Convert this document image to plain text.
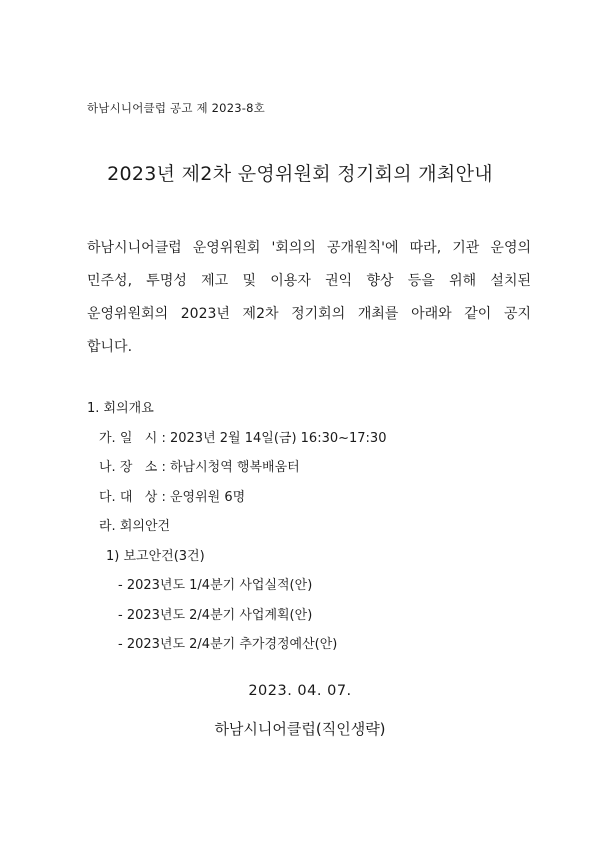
하남시니어클럽 공고 제 2023-8호
2023년 제2차 운영위원회 정기회의 개최안내
하남시니어클럽 운영위원회 '회의의 공개원칙'에 따라, 기관 운영의
민주성, 투명성 제고 및 이용자 권익 향상 등을 위해 설치된
운영위원회의 2023년 제2차 정기회의 개최를 아래와 같이 공지
합니다.
1. 회의개요
가. 일   시 : 2023년 2월 14일(금) 16:30~17:30
나. 장   소 : 하남시청역 행복배움터
다. 대   상 : 운영위원 6명
라. 회의안건
1) 보고안건(3건)
- 2023년도 1/4분기 사업실적(안)
- 2023년도 2/4분기 사업계획(안)
- 2023년도 2/4분기 추가경정예산(안)
2023. 04. 07.
하남시니어클럽(직인생략)
